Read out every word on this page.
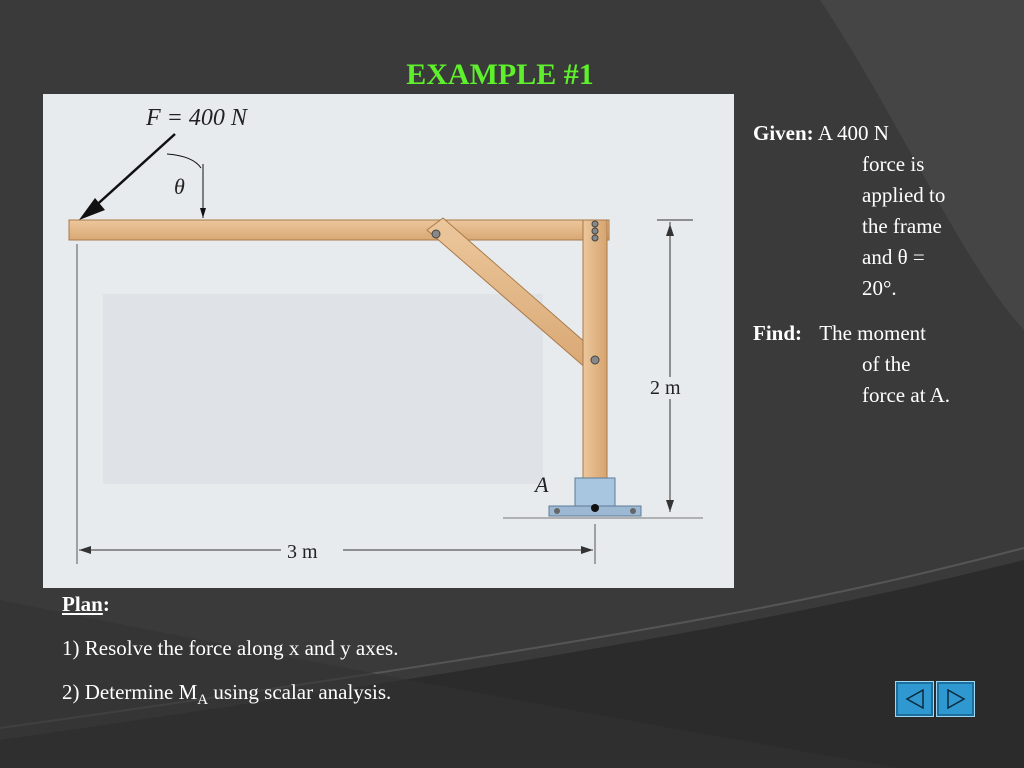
EXAMPLE #1
F = 400 N
θ
2 m
3 m
A
Given: A 400 N
force is
applied to
the frame
and θ =
20°.
Find: The moment
of the
force at A.
Plan:
1) Resolve the force along x and y axes.
2) Determine $M_A$ using scalar analysis.
